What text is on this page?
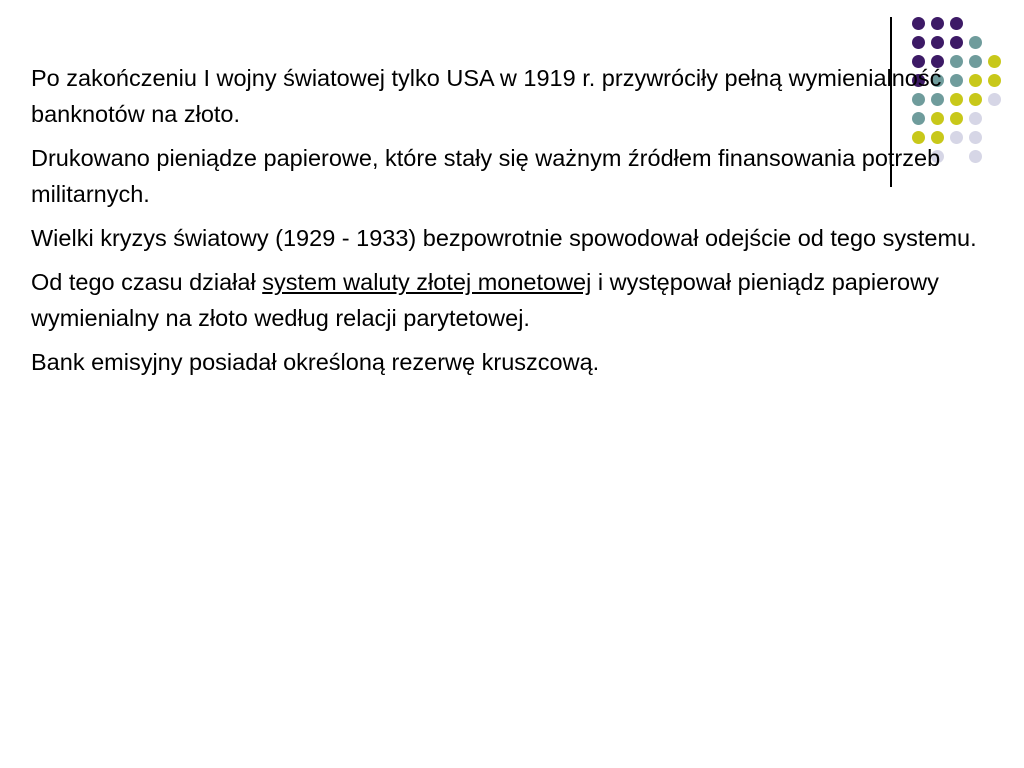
Po zakończeniu I wojny światowej tylko USA w 1919 r. przywróciły pełną wymienialność banknotów na złoto.

Drukowano pieniądze papierowe, które stały się ważnym źródłem finansowania potrzeb militarnych.

Wielki kryzys światowy (1929 - 1933) bezpowrotnie spowodował odejście od tego systemu.

Od tego czasu działał system waluty złotej monetowej i występował pieniądz papierowy wymienialny na złoto według relacji parytetowej.

Bank emisyjny posiadał określoną rezerwę kruszcową.
